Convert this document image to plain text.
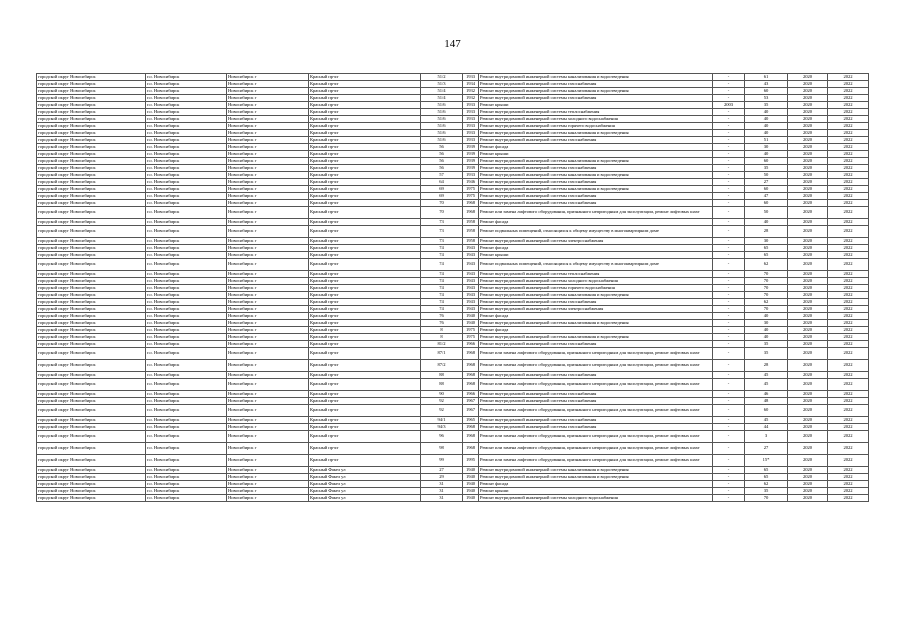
147
городской округ Новосибирск	г.о. Новосибирск	Новосибирск г	Красный пр-кт	51/2	1933	Ремонт внутридомовой инженерной системы канализования и водоотведения	-	61	2020	2022
городской округ Новосибирск	г.о. Новосибирск	Новосибирск г	Красный пр-кт	51/3	1934	Ремонт внутридомовой инженерной системы газоснабжения	-	43	2020	2022
городской округ Новосибирск	г.о. Новосибирск	Новосибирск г	Красный пр-кт	51/4	1932	Ремонт внутридомовой инженерной системы канализования и водоотведения	-	60	2020	2022
городской округ Новосибирск	г.о. Новосибирск	Новосибирск г	Красный пр-кт	51/4	1932	Ремонт внутридомовой инженерной системы газоснабжения	-	53	2020	2022
городской округ Новосибирск	г.о. Новосибирск	Новосибирск г	Красный пр-кт	51/6	1933	Ремонт крыши	2003	35	2020	2022
городской округ Новосибирск	г.о. Новосибирск	Новосибирск г	Красный пр-кт	51/6	1933	Ремонт внутридомовой инженерной системы теплоснабжения	-	40	2020	2022
городской округ Новосибирск	г.о. Новосибирск	Новосибирск г	Красный пр-кт	51/6	1933	Ремонт внутридомовой инженерной системы холодного водоснабжения	-	40	2020	2022
городской округ Новосибирск	г.о. Новосибирск	Новосибирск г	Красный пр-кт	51/6	1933	Ремонт внутридомовой инженерной системы горячего водоснабжения	-	40	2020	2022
городской округ Новосибирск	г.о. Новосибирск	Новосибирск г	Красный пр-кт	51/6	1933	Ремонт внутридомовой инженерной системы канализования и водоотведения	-	40	2020	2022
городской округ Новосибирск	г.о. Новосибирск	Новосибирск г	Красный пр-кт	51/6	1933	Ремонт внутридомовой инженерной системы газоснабжения	-	51	2020	2022
городской округ Новосибирск	г.о. Новосибирск	Новосибирск г	Красный пр-кт	56	1939	Ремонт фасада	-	30	2020	2022
городской округ Новосибирск	г.о. Новосибирск	Новосибирск г	Красный пр-кт	56	1939	Ремонт крыши	-	40	2020	2022
городской округ Новосибирск	г.о. Новосибирск	Новосибирск г	Красный пр-кт	56	1939	Ремонт внутридомовой инженерной системы канализования и водоотведения	-	60	2020	2022
городской округ Новосибирск	г.о. Новосибирск	Новосибирск г	Красный пр-кт	56	1939	Ремонт внутридомовой инженерной системы газоснабжения	-	35	2020	2022
городской округ Новосибирск	г.о. Новосибирск	Новосибирск г	Красный пр-кт	57	1933	Ремонт внутридомовой инженерной системы канализования и водоотведения	-	50	2020	2022
городской округ Новосибирск	г.о. Новосибирск	Новосибирск г	Красный пр-кт	64	1946	Ремонт внутридомовой инженерной системы газоснабжения	-	27	2020	2022
городской округ Новосибирск	г.о. Новосибирск	Новосибирск г	Красный пр-кт	69	1975	Ремонт внутридомовой инженерной системы канализования и водоотведения	-	60	2020	2022
городской округ Новосибирск	г.о. Новосибирск	Новосибирск г	Красный пр-кт	69	1975	Ремонт внутридомовой инженерной системы газоснабжения	-	47	2020	2022
городской округ Новосибирск	г.о. Новосибирск	Новосибирск г	Красный пр-кт	70	1968	Ремонт внутридомовой инженерной системы газоснабжения	-	60	2020	2022
городской округ Новосибирск	г.о. Новосибирск	Новосибирск г	Красный пр-кт	70	1968	Ремонт или замена лифтового оборудования, признанного непригодным для эксплуатации, ремонт лифтовых шахт	-	50	2020	2022
городской округ Новосибирск	г.о. Новосибирск	Новосибирск г	Красный пр-кт	73	1958	Ремонт фасада	-	40	2020	2022
городской округ Новосибирск	г.о. Новосибирск	Новосибирск г	Красный пр-кт	73	1958	Ремонт подвальных помещений, относящихся к общему имуществу в многоквартирном доме	-	28	2020	2022
городской округ Новосибирск	г.о. Новосибирск	Новосибирск г	Красный пр-кт	73	1958	Ремонт внутридомовой инженерной системы электроснабжения	-	30	2020	2022
городской округ Новосибирск	г.о. Новосибирск	Новосибирск г	Красный пр-кт	74	1943	Ремонт фасада	-	65	2020	2022
городской округ Новосибирск	г.о. Новосибирск	Новосибирск г	Красный пр-кт	74	1943	Ремонт крыши	-	65	2020	2022
городской округ Новосибирск	г.о. Новосибирск	Новосибирск г	Красный пр-кт	74	1943	Ремонт подвальных помещений, относящихся к общему имуществу в многоквартирном доме	-	62	2020	2022
городской округ Новосибирск	г.о. Новосибирск	Новосибирск г	Красный пр-кт	74	1943	Ремонт внутридомовой инженерной системы теплоснабжения	-	70	2020	2022
городской округ Новосибирск	г.о. Новосибирск	Новосибирск г	Красный пр-кт	74	1943	Ремонт внутридомовой инженерной системы холодного водоснабжения	-	70	2020	2022
городской округ Новосибирск	г.о. Новосибирск	Новосибирск г	Красный пр-кт	74	1943	Ремонт внутридомовой инженерной системы горячего водоснабжения	-	70	2020	2022
городской округ Новосибирск	г.о. Новосибирск	Новосибирск г	Красный пр-кт	74	1943	Ремонт внутридомовой инженерной системы канализования и водоотведения	-	70	2020	2022
городской округ Новосибирск	г.о. Новосибирск	Новосибирск г	Красный пр-кт	74	1943	Ремонт внутридомовой инженерной системы газоснабжения	-	62	2020	2022
городской округ Новосибирск	г.о. Новосибирск	Новосибирск г	Красный пр-кт	74	1943	Ремонт внутридомовой инженерной системы электроснабжения	-	70	2020	2022
городской округ Новосибирск	г.о. Новосибирск	Новосибирск г	Красный пр-кт	76	1940	Ремонт фасада	-	40	2020	2022
городской округ Новосибирск	г.о. Новосибирск	Новосибирск г	Красный пр-кт	76	1940	Ремонт внутридомовой инженерной системы канализования и водоотведения	-	30	2020	2022
городской округ Новосибирск	г.о. Новосибирск	Новосибирск г	Красный пр-кт	8	1975	Ремонт фасада	-	40	2020	2022
городской округ Новосибирск	г.о. Новосибирск	Новосибирск г	Красный пр-кт	8	1975	Ремонт внутридомовой инженерной системы канализования и водоотведения	-	40	2020	2022
городской округ Новосибирск	г.о. Новосибирск	Новосибирск г	Красный пр-кт	81/2	1966	Ремонт внутридомовой инженерной системы газоснабжения	-	35	2020	2022
городской округ Новосибирск	г.о. Новосибирск	Новосибирск г	Красный пр-кт	87/1	1968	Ремонт или замена лифтового оборудования, признанного непригодным для эксплуатации, ремонт лифтовых шахт	-	35	2020	2022
городской округ Новосибирск	г.о. Новосибирск	Новосибирск г	Красный пр-кт	87/2	1968	Ремонт или замена лифтового оборудования, признанного непригодным для эксплуатации, ремонт лифтовых шахт	-	28	2020	2022
городской округ Новосибирск	г.о. Новосибирск	Новосибирск г	Красный пр-кт	88	1968	Ремонт внутридомовой инженерной системы газоснабжения	-	45	2020	2022
городской округ Новосибирск	г.о. Новосибирск	Новосибирск г	Красный пр-кт	88	1968	Ремонт или замена лифтового оборудования, признанного непригодным для эксплуатации, ремонт лифтовых шахт	-	45	2020	2022
городской округ Новосибирск	г.о. Новосибирск	Новосибирск г	Красный пр-кт	90	1966	Ремонт внутридомовой инженерной системы газоснабжения	-	46	2020	2022
городской округ Новосибирск	г.о. Новосибирск	Новосибирск г	Красный пр-кт	92	1967	Ремонт внутридомовой инженерной системы газоснабжения	-	48	2020	2022
городской округ Новосибирск	г.о. Новосибирск	Новосибирск г	Красный пр-кт	92	1967	Ремонт или замена лифтового оборудования, признанного непригодным для эксплуатации, ремонт лифтовых шахт	-	60	2020	2022
городской округ Новосибирск	г.о. Новосибирск	Новосибирск г	Красный пр-кт	94/1	1965	Ремонт внутридомовой инженерной системы газоснабжения	-	45	2020	2022
городской округ Новосибирск	г.о. Новосибирск	Новосибирск г	Красный пр-кт	94/3	1968	Ремонт внутридомовой инженерной системы газоснабжения	-	44	2020	2022
городской округ Новосибирск	г.о. Новосибирск	Новосибирск г	Красный пр-кт	96	1968	Ремонт или замена лифтового оборудования, признанного непригодным для эксплуатации, ремонт лифтовых шахт	-	3	2020	2022
городской округ Новосибирск	г.о. Новосибирск	Новосибирск г	Красный пр-кт	98	1968	Ремонт или замена лифтового оборудования, признанного непригодным для эксплуатации, ремонт лифтовых шахт	-	27	2020	2022
городской округ Новосибирск	г.о. Новосибирск	Новосибирск г	Красный пр-кт	99	1995	Ремонт или замена лифтового оборудования, признанного непригодным для эксплуатации, ремонт лифтовых шахт	-	15*	2020	2022
городской округ Новосибирск	г.о. Новосибирск	Новосибирск г	Красный Факел ул	27	1940	Ремонт внутридомовой инженерной системы канализования и водоотведения	-	65	2020	2022
городской округ Новосибирск	г.о. Новосибирск	Новосибирск г	Красный Факел ул	29	1940	Ремонт внутридомовой инженерной системы канализования и водоотведения	-	65	2020	2022
городской округ Новосибирск	г.о. Новосибирск	Новосибирск г	Красный Факел ул	31	1940	Ремонт фасада	-	62	2020	2022
городской округ Новосибирск	г.о. Новосибирск	Новосибирск г	Красный Факел ул	31	1940	Ремонт крыши	-	35	2020	2022
городской округ Новосибирск	г.о. Новосибирск	Новосибирск г	Красный Факел ул	31	1940	Ремонт внутридомовой инженерной системы холодного водоснабжения	-	70	2020	2022
